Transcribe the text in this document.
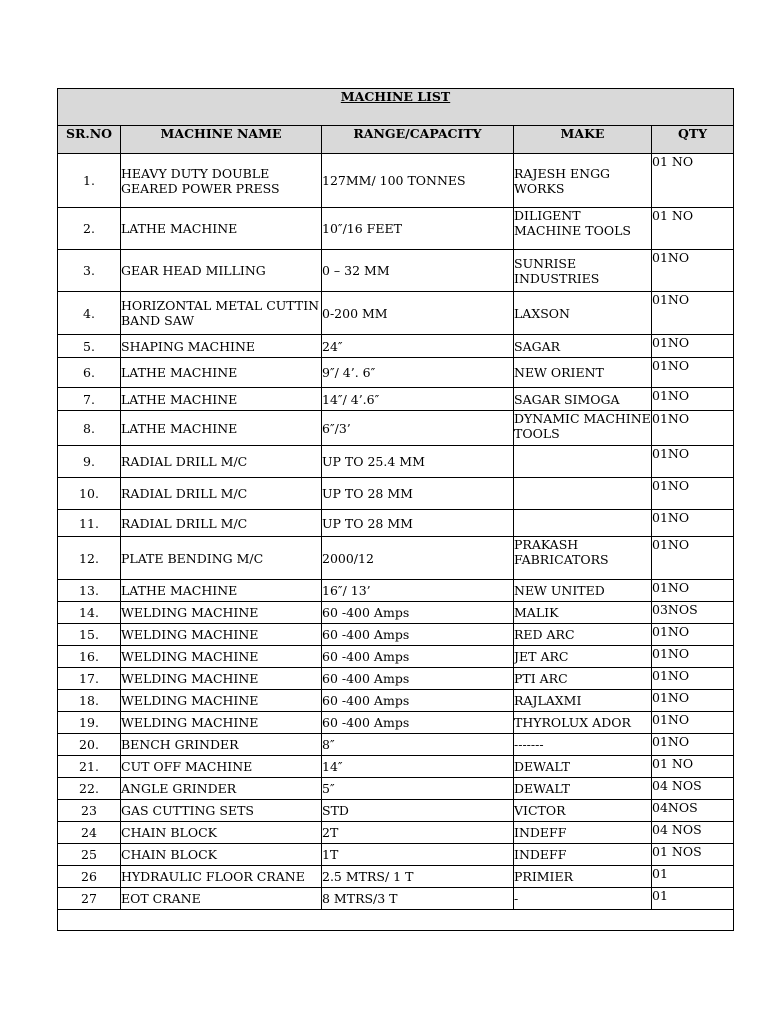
MACHINE LIST				
SR.NO	MACHINE NAME	RANGE/CAPACITY	MAKE	QTY
1.	HEAVY DUTY DOUBLE GEARED POWER PRESS	127MM/ 100 TONNES	RAJESH ENGG WORKS	01 NO
2.	LATHE MACHINE	10″/16 FEET	DILIGENT MACHINE TOOLS	01 NO
3.	GEAR HEAD MILLING	0 – 32 MM	SUNRISE INDUSTRIES	01NO
4.	HORIZONTAL METAL CUTTIN BAND SAW	0-200 MM	LAXSON	01NO
5.	SHAPING MACHINE	24″	SAGAR	01NO
6.	LATHE MACHINE	9″/ 4’. 6″	NEW ORIENT	01NO
7.	LATHE MACHINE	14″/ 4’.6″	SAGAR SIMOGA	01NO
8.	LATHE MACHINE	6″/3’	DYNAMIC MACHINE TOOLS	01NO
9.	RADIAL DRILL M/C	UP TO 25.4 MM		01NO
10.	RADIAL DRILL M/C	UP TO 28 MM		01NO
11.	RADIAL DRILL M/C	UP TO 28 MM		01NO
12.	PLATE BENDING M/C	2000/12	PRAKASH FABRICATORS	01NO
13.	LATHE MACHINE	16″/ 13’	NEW UNITED	01NO
14.	WELDING MACHINE	60 -400 Amps	MALIK	03NOS
15.	WELDING MACHINE	60 -400 Amps	RED ARC	01NO
16.	WELDING MACHINE	60 -400 Amps	JET ARC	01NO
17.	WELDING MACHINE	60 -400 Amps	PTI ARC	01NO
18.	WELDING MACHINE	60 -400 Amps	RAJLAXMI	01NO
19.	WELDING MACHINE	60 -400 Amps	THYROLUX ADOR	01NO
20.	BENCH GRINDER	8″	-------	01NO
21.	CUT OFF MACHINE	14″	DEWALT	01 NO
22.	ANGLE GRINDER	5″	DEWALT	04 NOS
23	GAS CUTTING SETS	STD	VICTOR	04NOS
24	CHAIN BLOCK	2T	INDEFF	04 NOS
25	CHAIN BLOCK	1T	INDEFF	01 NOS
26	HYDRAULIC FLOOR CRANE	2.5 MTRS/ 1 T	PRIMIER	01
27	EOT CRANE	8 MTRS/3 T	-	01
